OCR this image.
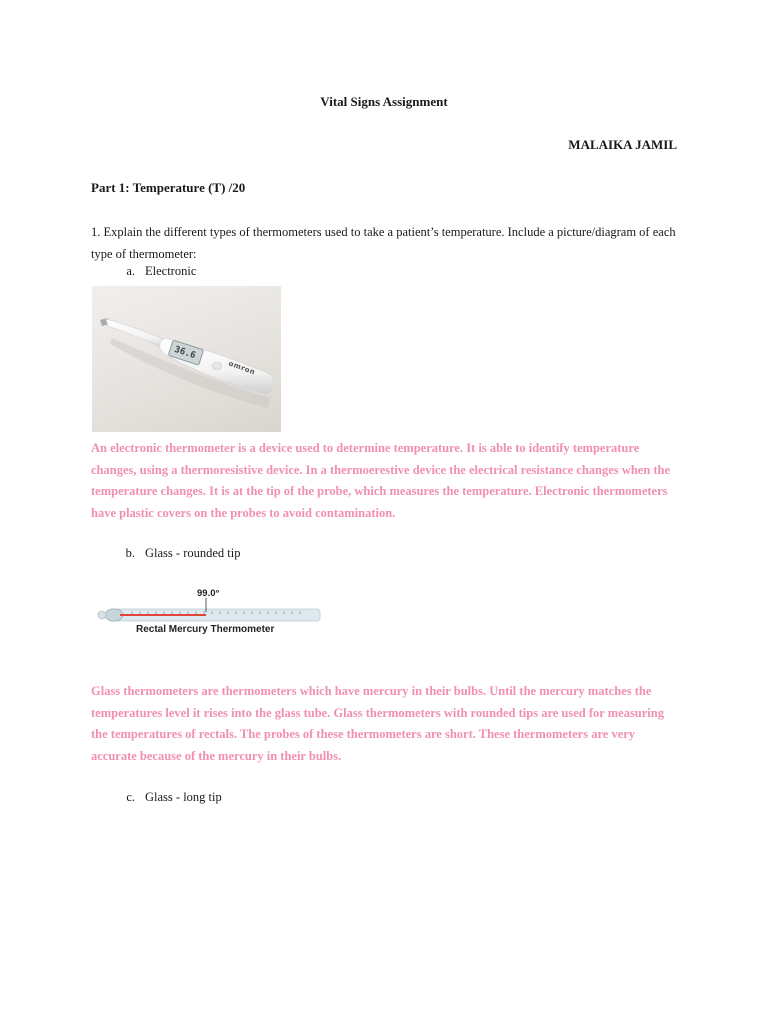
Vital Signs Assignment
MALAIKA JAMIL
Part 1: Temperature (T) /20
1. Explain the different types of thermometers used to take a patient’s temperature. Include a picture/diagram of each type of thermometer:
a. Electronic
36.6
omron
An electronic thermometer is a device used to determine temperature. It is able to identify temperature changes, using a thermoresistive device. In a thermoerestive device the electrical resistance changes when the temperature changes. It is at the tip of the probe, which measures the temperature. Electronic thermometers have plastic covers on the probes to avoid contamination.
b. Glass - rounded tip
99.0°
Rectal Mercury Thermometer
Glass thermometers are thermometers which have mercury in their bulbs. Until the mercury matches the temperatures level it rises into the glass tube. Glass thermometers with rounded tips are used for measuring the temperatures of rectals. The probes of these thermometers are short. These thermometers are very accurate because of the mercury in their bulbs.
c. Glass - long tip
